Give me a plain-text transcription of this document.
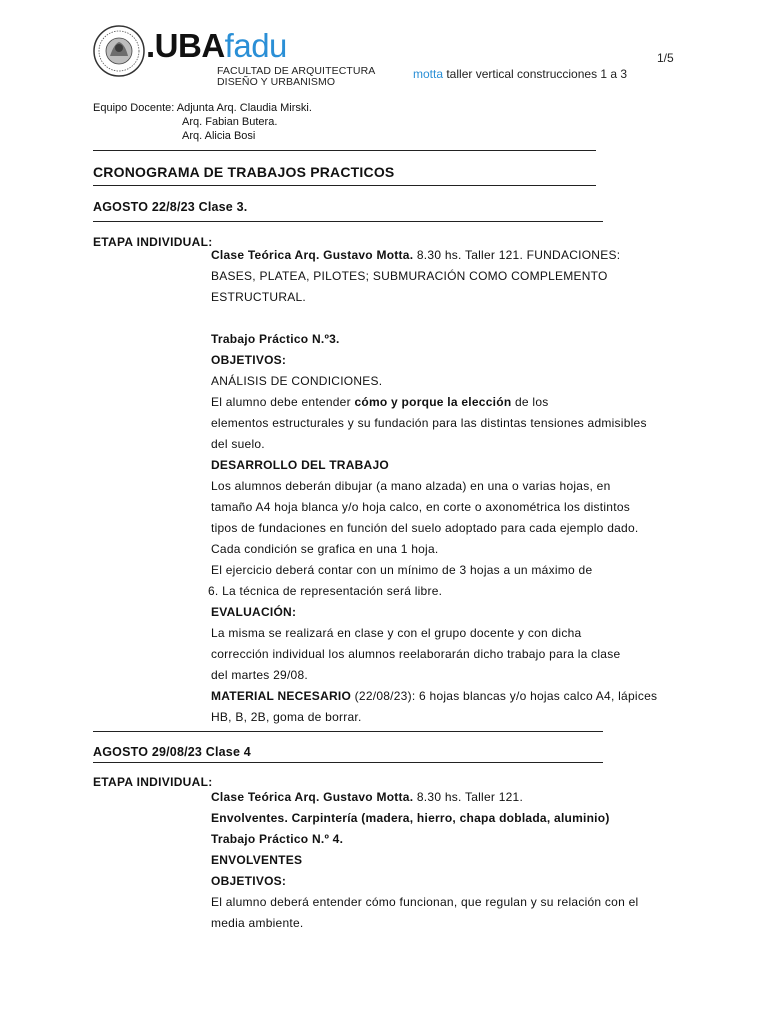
.UBAfadu
FACULTAD DE ARQUITECTURA
DISEÑO Y URBANISMO
1/5
motta taller vertical construcciones 1 a 3
Equipo Docente: Adjunta Arq. Claudia Mirski.
Arq. Fabian Butera.
Arq. Alicia Bosi
CRONOGRAMA DE TRABAJOS PRACTICOS
AGOSTO 22/8/23 Clase 3.
ETAPA INDIVIDUAL:
Clase Teórica Arq. Gustavo Motta. 8.30 hs. Taller 121. FUNDACIONES:
BASES, PLATEA, PILOTES; SUBMURACIÓN COMO COMPLEMENTO
ESTRUCTURAL.
Trabajo Práctico N.º3.
OBJETIVOS:
ANÁLISIS DE CONDICIONES.
El alumno debe entender cómo y porque la elección de los
elementos estructurales y su fundación para las distintas tensiones admisibles
del suelo.
DESARROLLO DEL TRABAJO
Los alumnos deberán dibujar (a mano alzada) en una o varias hojas, en
tamaño A4 hoja blanca y/o hoja calco, en corte o axonométrica los distintos
tipos de fundaciones en función del suelo adoptado para cada ejemplo dado.
Cada condición se grafica en una 1 hoja.
El ejercicio deberá contar con un mínimo de 3 hojas a un máximo de
6. La técnica de representación será libre.
EVALUACIÓN:
La misma se realizará en clase y con el grupo docente y con dicha
corrección individual los alumnos reelaborarán dicho trabajo para la clase
del martes 29/08.
MATERIAL NECESARIO (22/08/23): 6 hojas blancas y/o hojas calco A4, lápices
HB, B, 2B, goma de borrar.
AGOSTO 29/08/23 Clase 4
ETAPA INDIVIDUAL:
Clase Teórica Arq. Gustavo Motta. 8.30 hs. Taller 121.
Envolventes. Carpintería (madera, hierro, chapa doblada, aluminio)
Trabajo Práctico N.º 4.
ENVOLVENTES
OBJETIVOS:
El alumno deberá entender cómo funcionan, que regulan y su relación con el
media ambiente.
